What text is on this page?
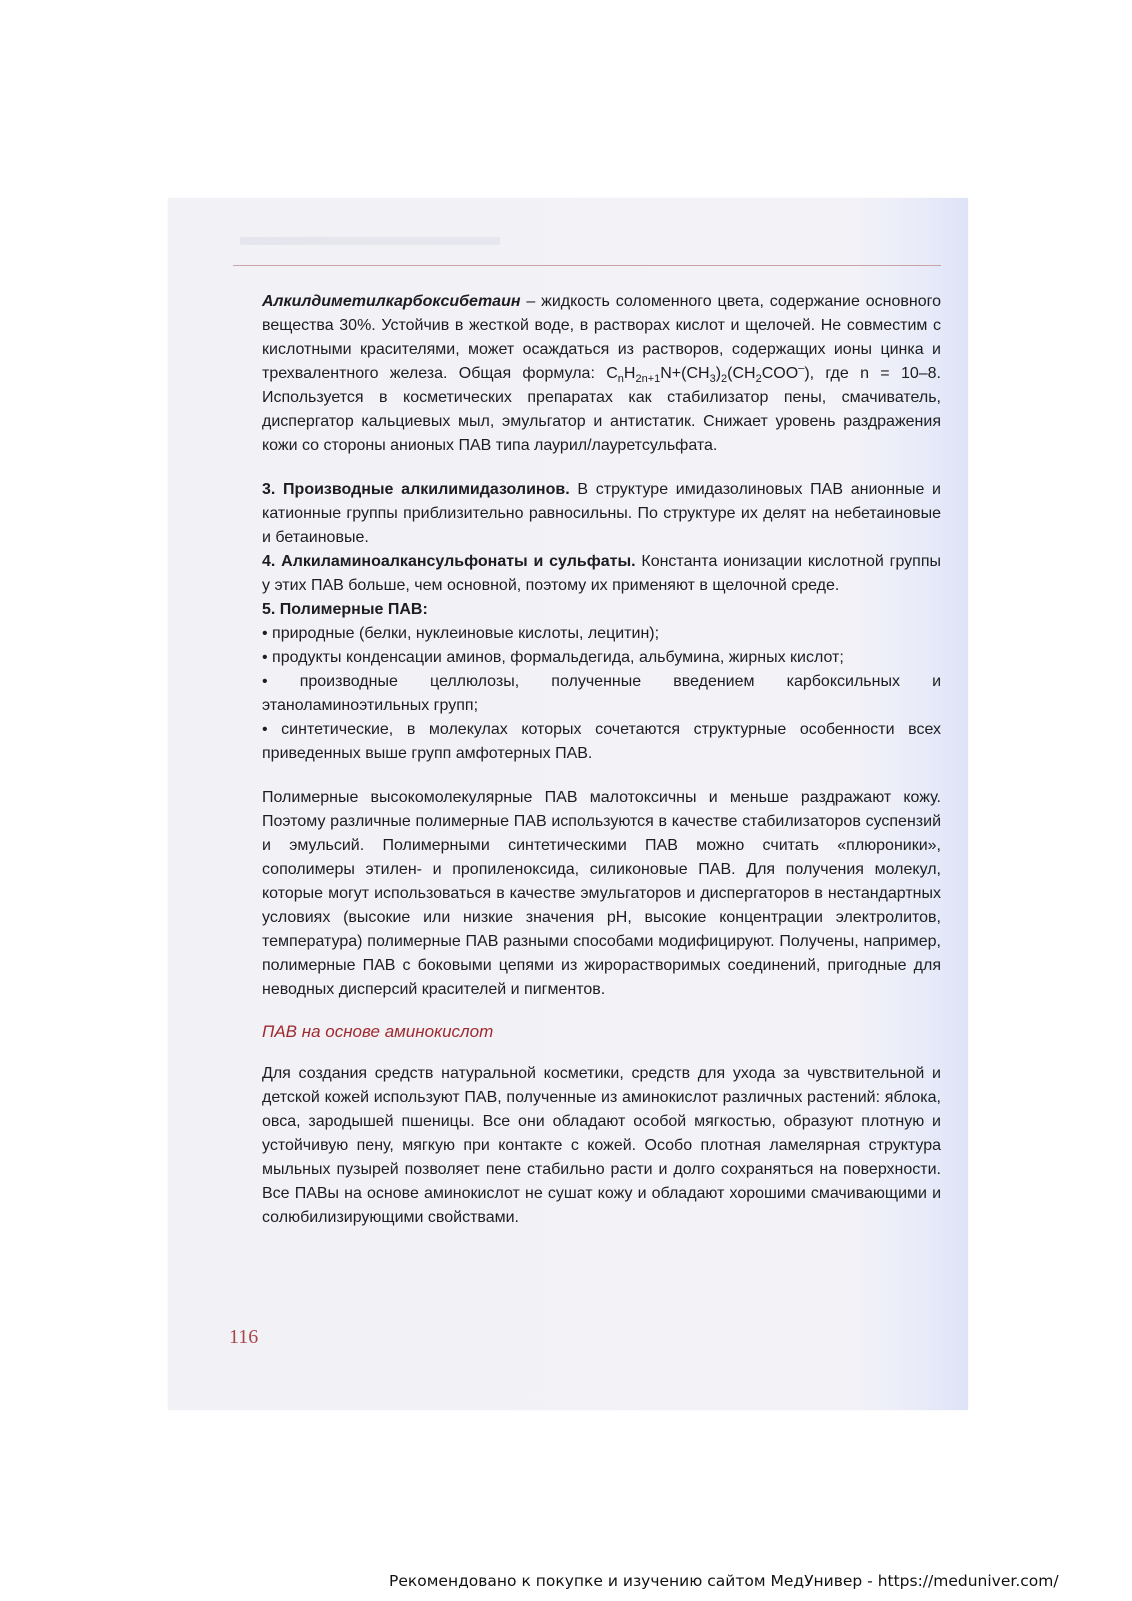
Алкилдиметилкарбоксибетаин – жидкость соломенного цвета, содержание основного вещества 30%. Устойчив в жесткой воде, в растворах кислот и щелочей. Не совместим с кислотными красителями, может осаждаться из растворов, содержащих ионы цинка и трехвалентного железа. Общая формула: $C_nH_{2n+1}N+(CH_3)_2(CH_2COO^-)$, где n = 10–8. Используется в косметических препаратах как стабилизатор пены, смачиватель, диспергатор кальциевых мыл, эмульгатор и антистатик. Снижает уровень раздражения кожи со стороны анионых ПАВ типа лаурил/лауретсульфата.

3. Производные алкилимидазолинов. В структуре имидазолиновых ПАВ анионные и катионные группы приблизительно равносильны. По структуре их делят на небетаиновые и бетаиновые.

4. Алкиламиноалкансульфонаты и сульфаты. Константа ионизации кислотной группы у этих ПАВ больше, чем основной, поэтому их применяют в щелочной среде.

5. Полимерные ПАВ:

• природные (белки, нуклеиновые кислоты, лецитин);

• продукты конденсации аминов, формальдегида, альбумина, жирных кислот;

• производные целлюлозы, полученные введением карбоксильных и этаноламиноэтильных групп;

• синтетические, в молекулах которых сочетаются структурные особенности всех приведенных выше групп амфотерных ПАВ.

Полимерные высокомолекулярные ПАВ малотоксичны и меньше раздражают кожу. Поэтому различные полимерные ПАВ используются в качестве стабилизаторов суспензий и эмульсий. Полимерными синтетическими ПАВ можно считать «плюроники», сополимеры этилен- и пропиленоксида, силиконовые ПАВ. Для получения молекул, которые могут использоваться в качестве эмульгаторов и диспергаторов в нестандартных условиях (высокие или низкие значения pH, высокие концентрации электролитов, температура) полимерные ПАВ разными способами модифицируют. Получены, например, полимерные ПАВ с боковыми цепями из жирорастворимых соединений, пригодные для неводных дисперсий красителей и пигментов.

ПАВ на основе аминокислот

Для создания средств натуральной косметики, средств для ухода за чувствительной и детской кожей используют ПАВ, полученные из аминокислот различных растений: яблока, овса, зародышей пшеницы. Все они обладают особой мягкостью, образуют плотную и устойчивую пену, мягкую при контакте с кожей. Особо плотная ламелярная структура мыльных пузырей позволяет пене стабильно расти и долго сохраняться на поверхности. Все ПАВы на основе аминокислот не сушат кожу и обладают хорошими смачивающими и солюбилизирующими свойствами.

116
Рекомендовано к покупке и изучению сайтом МедУнивер - https://meduniver.com/
